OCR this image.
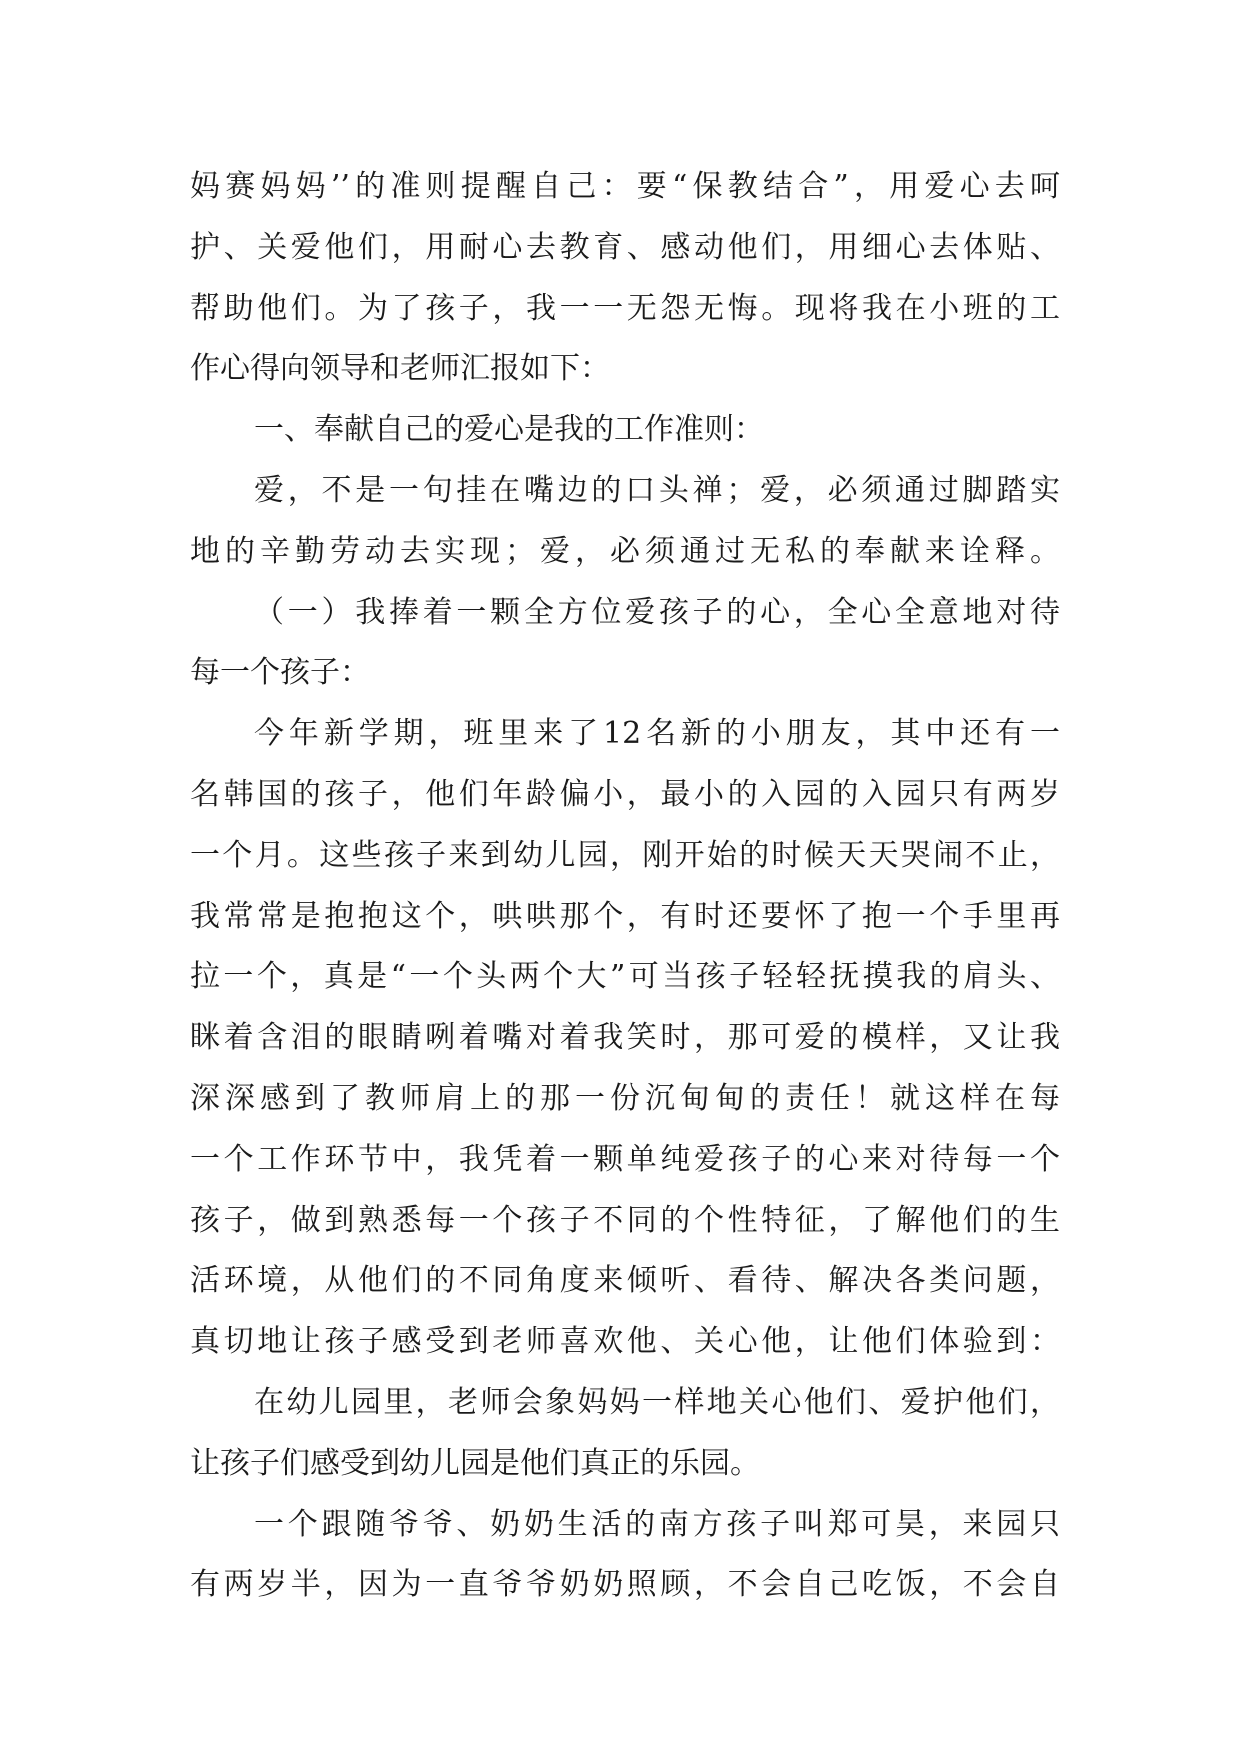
妈赛妈妈’’的准则提醒自己：要“保教结合”，用爱心去呵
护、关爱他们，用耐心去教育、感动他们，用细心去体贴、
帮助他们。为了孩子，我一一无怨无悔。现将我在小班的工
作心得向领导和老师汇报如下：
一、奉献自己的爱心是我的工作准则：
爱，不是一句挂在嘴边的口头禅；爱，必须通过脚踏实
地的辛勤劳动去实现；爱，必须通过无私的奉献来诠释。
（一）我捧着一颗全方位爱孩子的心，全心全意地对待
每一个孩子：
今年新学期，班里来了12名新的小朋友，其中还有一
名韩国的孩子，他们年龄偏小，最小的入园的入园只有两岁
一个月。这些孩子来到幼儿园，刚开始的时候天天哭闹不止，
我常常是抱抱这个，哄哄那个，有时还要怀了抱一个手里再
拉一个，真是“一个头两个大”可当孩子轻轻抚摸我的肩头、
眯着含泪的眼睛咧着嘴对着我笑时，那可爱的模样，又让我
深深感到了教师肩上的那一份沉甸甸的责任！就这样在每
一个工作环节中，我凭着一颗单纯爱孩子的心来对待每一个
孩子，做到熟悉每一个孩子不同的个性特征，了解他们的生
活环境，从他们的不同角度来倾听、看待、解决各类问题，
真切地让孩子感受到老师喜欢他、关心他，让他们体验到：
在幼儿园里，老师会象妈妈一样地关心他们、爱护他们，
让孩子们感受到幼儿园是他们真正的乐园。
一个跟随爷爷、奶奶生活的南方孩子叫郑可昊，来园只
有两岁半，因为一直爷爷奶奶照顾，不会自己吃饭，不会自
